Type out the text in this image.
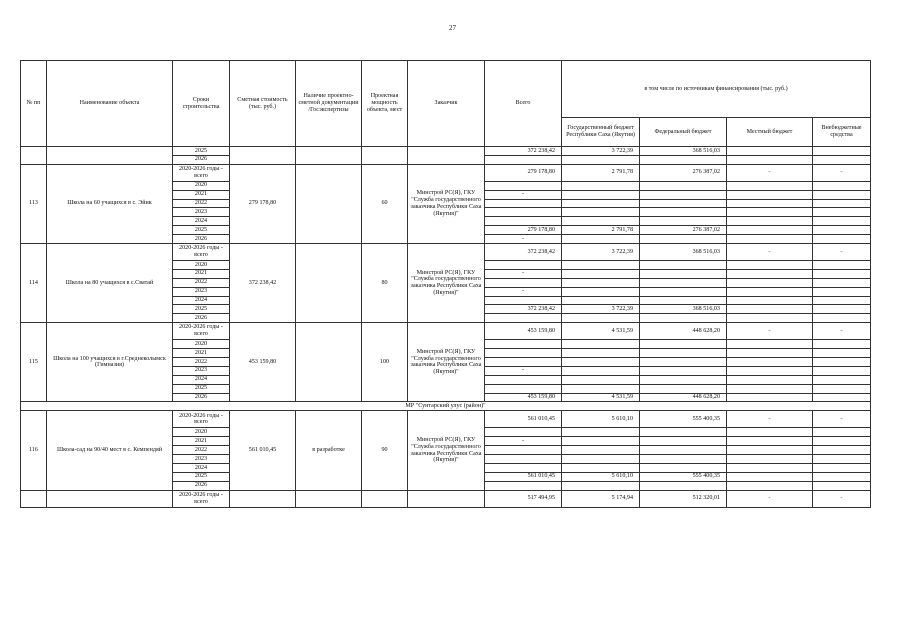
27
№ пп	Наименование объекта	Сроки строительства	Сметная стоимость (тыс. руб.)	Наличие проектно-сметной документации /Госэкспертизы	Проектная мощность объекта, мест	Заказчик	Всего	в том числе по источникам финансирования (тыс. руб.)			
								Государственный бюджет Республики Саха (Якутия)	Федеральный бюджет	Местный бюджет	Внебюджетные средства
		2025					372 238,42	3 722,39	368 516,03		
		2026									
113	Школа на 60 учащихся в с. Эйик	2020-2026 годы - всего	279 178,80		60	Минстрой РС(Я), ГКУ "Служба государственного заказчика Республики Саха (Якутия)"	279 178,80	2 791,78	276 387,02	-	-
		2020									
		2021					-				
		2022									
		2023									
		2024									
		2025					279 178,80	2 791,78	276 387,02		
		2026					-				
114	Школа на 80 учащихся в с.Сватай	2020-2026 годы - всего	372 238,42		80	Минстрой РС(Я), ГКУ "Служба государственного заказчика Республики Саха (Якутия)"	372 238,42	3 722,39	368 516,03	-	-
		2020									
		2021					-				
		2022									
		2023					-				
		2024									
		2025					372 238,42	3 722,39	368 516,03		
		2026									
115	Школа на 100 учащихся в г.Среднеколымск (Гимназия)	2020-2026 годы - всего	453 159,80		100	Минстрой РС(Я), ГКУ "Служба государственного заказчика Республики Саха (Якутия)"	453 159,80	4 531,59	448 628,20	-	-
		2020									
		2021									
		2022									
		2023					-				
		2024									
		2025									
		2026					453 159,80	4 531,59	448 628,20		
МР "Сунтарский улус (район)"											
116	Школа-сад на 90/40 мест в с. Кемпендяй	2020-2026 годы - всего	561 010,45	в разработке	90	Минстрой РС(Я), ГКУ "Служба государственного заказчика Республики Саха (Якутия)"	561 010,45	5 610,10	555 400,35	-	-
		2020									
		2021					-				
		2022									
		2023									
		2024									
		2025					561 010,45	5 610,10	555 400,35		
		2026									
		2020-2026 годы - всего					517 494,95	5 174,94	512 320,01	-	-
